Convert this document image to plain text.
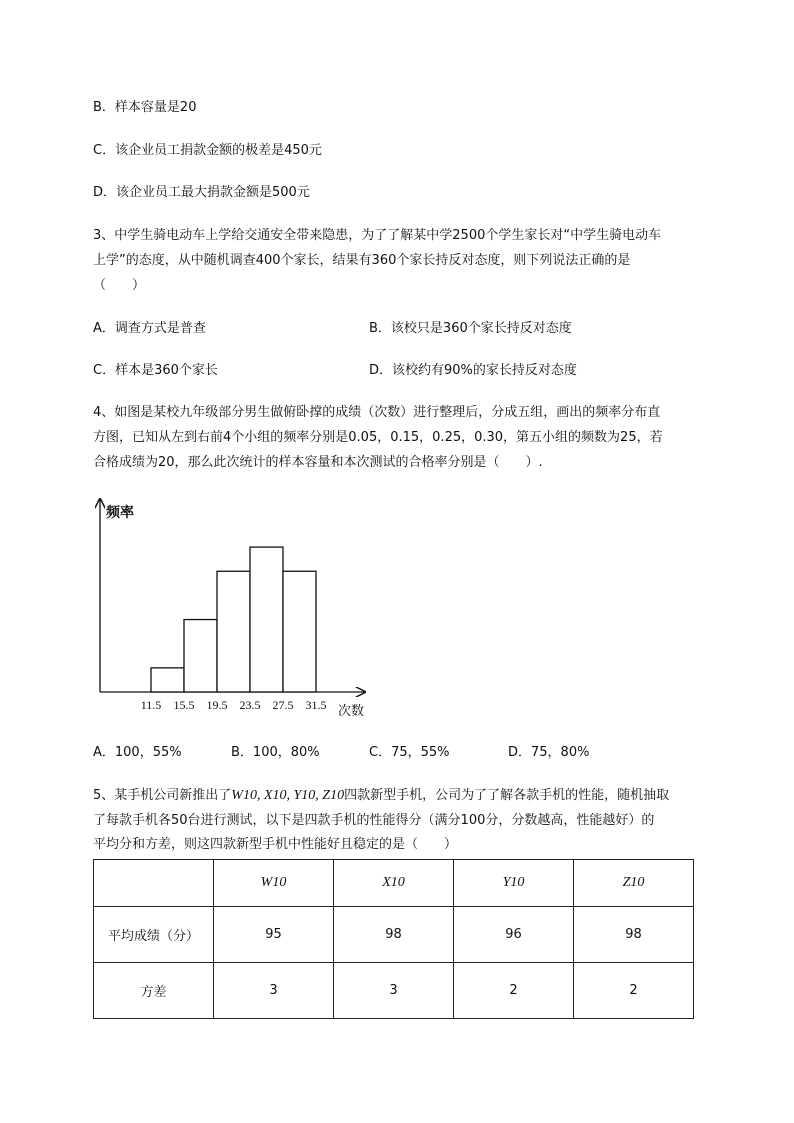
B．样本容量是20
C．该企业员工捐款金额的极差是450元
D．该企业员工最大捐款金额是500元
3、中学生骑电动车上学给交通安全带来隐患，为了了解某中学2500个学生家长对“中学生骑电动车
上学”的态度，从中随机调查400个家长，结果有360个家长持反对态度，则下列说法正确的是
（　　）
A．调查方式是普查	B．该校只是360个家长持反对态度
C．样本是360个家长	D．该校约有90%的家长持反对态度
4、如图是某校九年级部分男生做俯卧撑的成绩（次数）进行整理后，分成五组，画出的频率分布直
方图，已知从左到右前4个小组的频率分别是0.05，0.15，0.25，0.30，第五小组的频数为25，若
合格成绩为20，那么此次统计的样本容量和本次测试的合格率分别是（　　）.
频率
次数
11.5 15.5 19.5 23.5 27.5 31.5
A．100，55%	B．100，80%	C．75，55%	D．75，80%
5、某手机公司新推出了W10, X10, Y10, Z10四款新型手机，公司为了了解各款手机的性能，随机抽取
了每款手机各50台进行测试，以下是四款手机的性能得分（满分100分，分数越高，性能越好）的
平均分和方差，则这四款新型手机中性能好且稳定的是（　　）
	W10	X10	Y10	Z10
平均成绩（分）	95	98	96	98
方差	3	3	2	2
